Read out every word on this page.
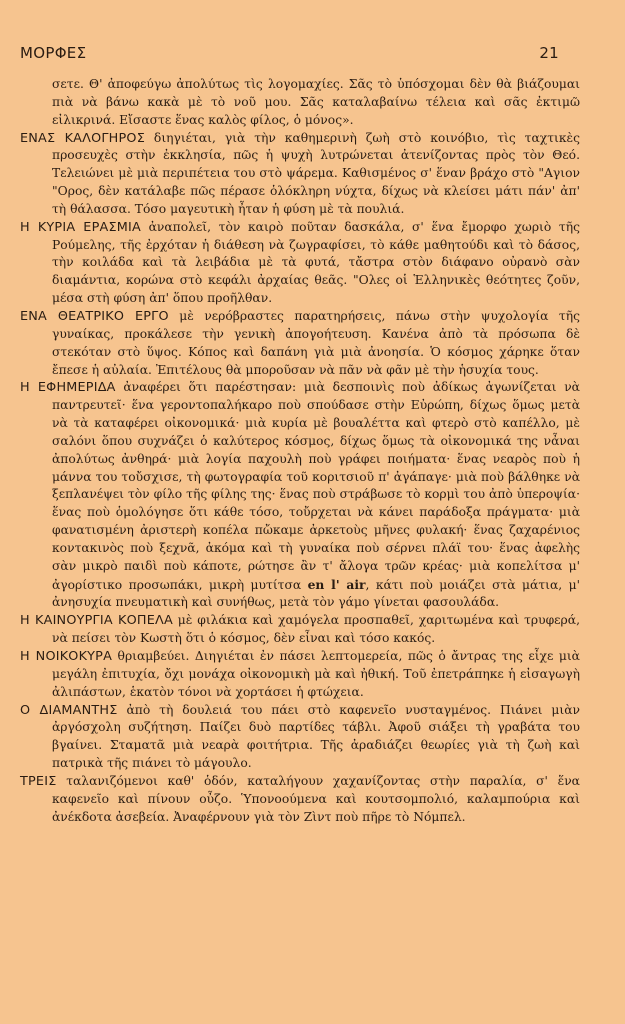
ΜΟΡΦΕΣ	21

σετε. Θ' ἀποφεύγω ἀπολύτως τὶς λογομαχίες. Σᾶς τὸ ὑπόσχομαι δὲν θὰ βιάζουμαι πιὰ νὰ βάνω κακὰ μὲ τὸ νοῦ μου. Σᾶς καταλαβαίνω τέλεια καὶ σᾶς ἐκτιμῶ εἰλικρινά. Εἴσαστε ἕνας καλὸς φίλος, ὁ μόνος».

ΕΝΑΣ ΚΑΛΟΓΗΡΟΣ διηγιέται, γιὰ τὴν καθημερινὴ ζωὴ στὸ κοινόβιο, τὶς ταχτικὲς προσευχὲς στὴν ἐκκλησία, πῶς ἡ ψυχὴ λυτρώνεται ἀτενίζοντας πρὸς τὸν Θεό. Τελειώνει μὲ μιὰ περιπέτεια του στὸ ψάρεμα. Καθισμένος σ' ἕναν βράχο στὸ "Αγιον "Ορος, δὲν κατάλαβε πῶς πέρασε ὁλόκληρη νύχτα, δίχως νὰ κλείσει μάτι πάν' ἀπ' τὴ θάλασσα. Τόσο μαγευτικὴ ἦταν ἡ φύση μὲ τὰ πουλιά.

Η ΚΥΡΙΑ ΕΡΑΣΜΙΑ ἀναπολεῖ, τὸν καιρὸ ποῦταν δασκάλα, σ' ἕνα ἔμορφο χωριὸ τῆς Ρούμελης, τῆς ἐρχόταν ἡ διάθεση νὰ ζωγραφίσει, τὸ κάθε μαθητούδι καὶ τὸ δάσος, τὴν κοιλάδα καὶ τὰ λειβάδια μὲ τὰ φυτά, τἄστρα στὸν διάφανο οὐρανὸ σὰν διαμάντια, κορώνα στὸ κεφάλι ἀρχαίας θεᾶς. "Ολες οἱ Ἑλληνικὲς θεότητες ζοῦν, μέσα στὴ φύση ἀπ' ὅπου προῆλθαν.

ΕΝΑ ΘΕΑΤΡΙΚΟ ΕΡΓΟ μὲ νερόβραστες παρατηρήσεις, πάνω στὴν ψυχολογία τῆς γυναίκας, προκάλεσε τὴν γενικὴ ἀπογοήτευση. Κανένα ἀπὸ τὰ πρόσωπα δὲ στεκόταν στὸ ὕψος. Κόπος καὶ δαπάνη γιὰ μιὰ ἀνοησία. Ὁ κόσμος χάρηκε ὅταν ἔπεσε ἡ αὐλαία. Ἐπιτέλους θὰ μποροῦσαν νὰ πᾶν νὰ φᾶν μὲ τὴν ἡσυχία τους.

Η ΕΦΗΜΕΡΙΔΑ ἀναφέρει ὅτι παρέστησαν: μιὰ δεσποινὶς ποὺ ἀδίκως ἀγωνίζεται νὰ παντρευτεῖ· ἕνα γεροντοπαλήκαρο ποὺ σπούδασε στὴν Εὐρώπη, δίχως ὅμως μετὰ νὰ τὰ καταφέρει οἰκονομικά· μιὰ κυρία μὲ βουαλέττα καὶ φτερὸ στὸ καπέλλο, μὲ σαλόνι ὅπου συχνάζει ὁ καλύτερος κόσμος, δίχως ὅμως τὰ οἰκονομικά της νἆναι ἀπολύτως ἀνθηρά· μιὰ λογία παχουλὴ ποὺ γράφει ποιήματα· ἕνας νεαρὸς ποὺ ἡ μάννα του τοὔσχισε, τὴ φωτογραφία τοῦ κοριτσιοῦ π' ἀγάπαγε· μιὰ ποὺ βάλθηκε νὰ ξεπλανέψει τὸν φίλο τῆς φίλης της· ἕνας ποὺ στράβωσε τὸ κορμὶ του ἀπὸ ὑπεροψία· ἕνας ποὺ ὁμολόγησε ὅτι κάθε τόσο, τοὔρχεται νὰ κάνει παράδοξα πράγματα· μιὰ φανατισμένη ἀριστερὴ κοπέλα πὤκαμε ἀρκετοὺς μῆνες φυλακή· ἕνας ζαχαρένιος κοντακινὸς ποὺ ξεχνᾶ, ἀκόμα καὶ τὴ γυναίκα ποὺ σέρνει πλάϊ του· ἕνας ἀφελὴς σὰν μικρὸ παιδὶ ποὺ κάποτε, ρώτησε ἂν τ' ἄλογα τρῶν κρέας· μιὰ κοπελίτσα μ' ἀγορίστικο προσωπάκι, μικρὴ μυτίτσα en l' air, κάτι ποὺ μοιάζει στὰ μάτια, μ' ἀνησυχία πνευματικὴ καὶ συνήθως, μετὰ τὸν γάμο γίνεται φασουλάδα.

Η ΚΑΙΝΟΥΡΓΙΑ ΚΟΠΕΛΑ μὲ φιλάκια καὶ χαμόγελα προσπαθεῖ, χαριτωμένα καὶ τρυφερά, νὰ πείσει τὸν Κωστὴ ὅτι ὁ κόσμος, δὲν εἶναι καὶ τόσο κακός.

Η ΝΟΙΚΟΚΥΡΑ θριαμβεύει. Διηγιέται ἐν πάσει λεπτομερεία, πῶς ὁ ἄντρας της εἶχε μιὰ μεγάλη ἐπιτυχία, ὄχι μονάχα οἰκονομικὴ μὰ καὶ ἠθική. Τοῦ ἐπετράπηκε ἡ εἰσαγωγὴ ἀλιπάστων, ἑκατὸν τόνοι νὰ χορτάσει ἡ φτώχεια.

Ο ΔΙΑΜΑΝΤΗΣ ἀπὸ τὴ δουλειά του πάει στὸ καφενεῖο νυσταγμένος. Πιάνει μιὰν ἀργόσχολη συζήτηση. Παίζει δυὸ παρτίδες τάβλι. Ἀφοῦ σιάξει τὴ γραβάτα του βγαίνει. Σταματᾶ μιὰ νεαρὰ φοιτήτρια. Τῆς ἀραδιάζει θεωρίες γιὰ τὴ ζωὴ καὶ πατρικὰ τῆς πιάνει τὸ μάγουλο.

ΤΡΕΙΣ ταλανιζόμενοι καθ' ὁδόν, καταλήγουν χαχανίζοντας στὴν παραλία, σ' ἕνα καφενεῖο καὶ πίνουν οὖζο. Ὑπονοούμενα καὶ κουτσομπολιό, καλαμπούρια καὶ ἀνέκδοτα ἀσεβεία. Ἀναφέρνουν γιὰ τὸν Ζὶντ ποὺ πῆρε τὸ Νόμπελ.
